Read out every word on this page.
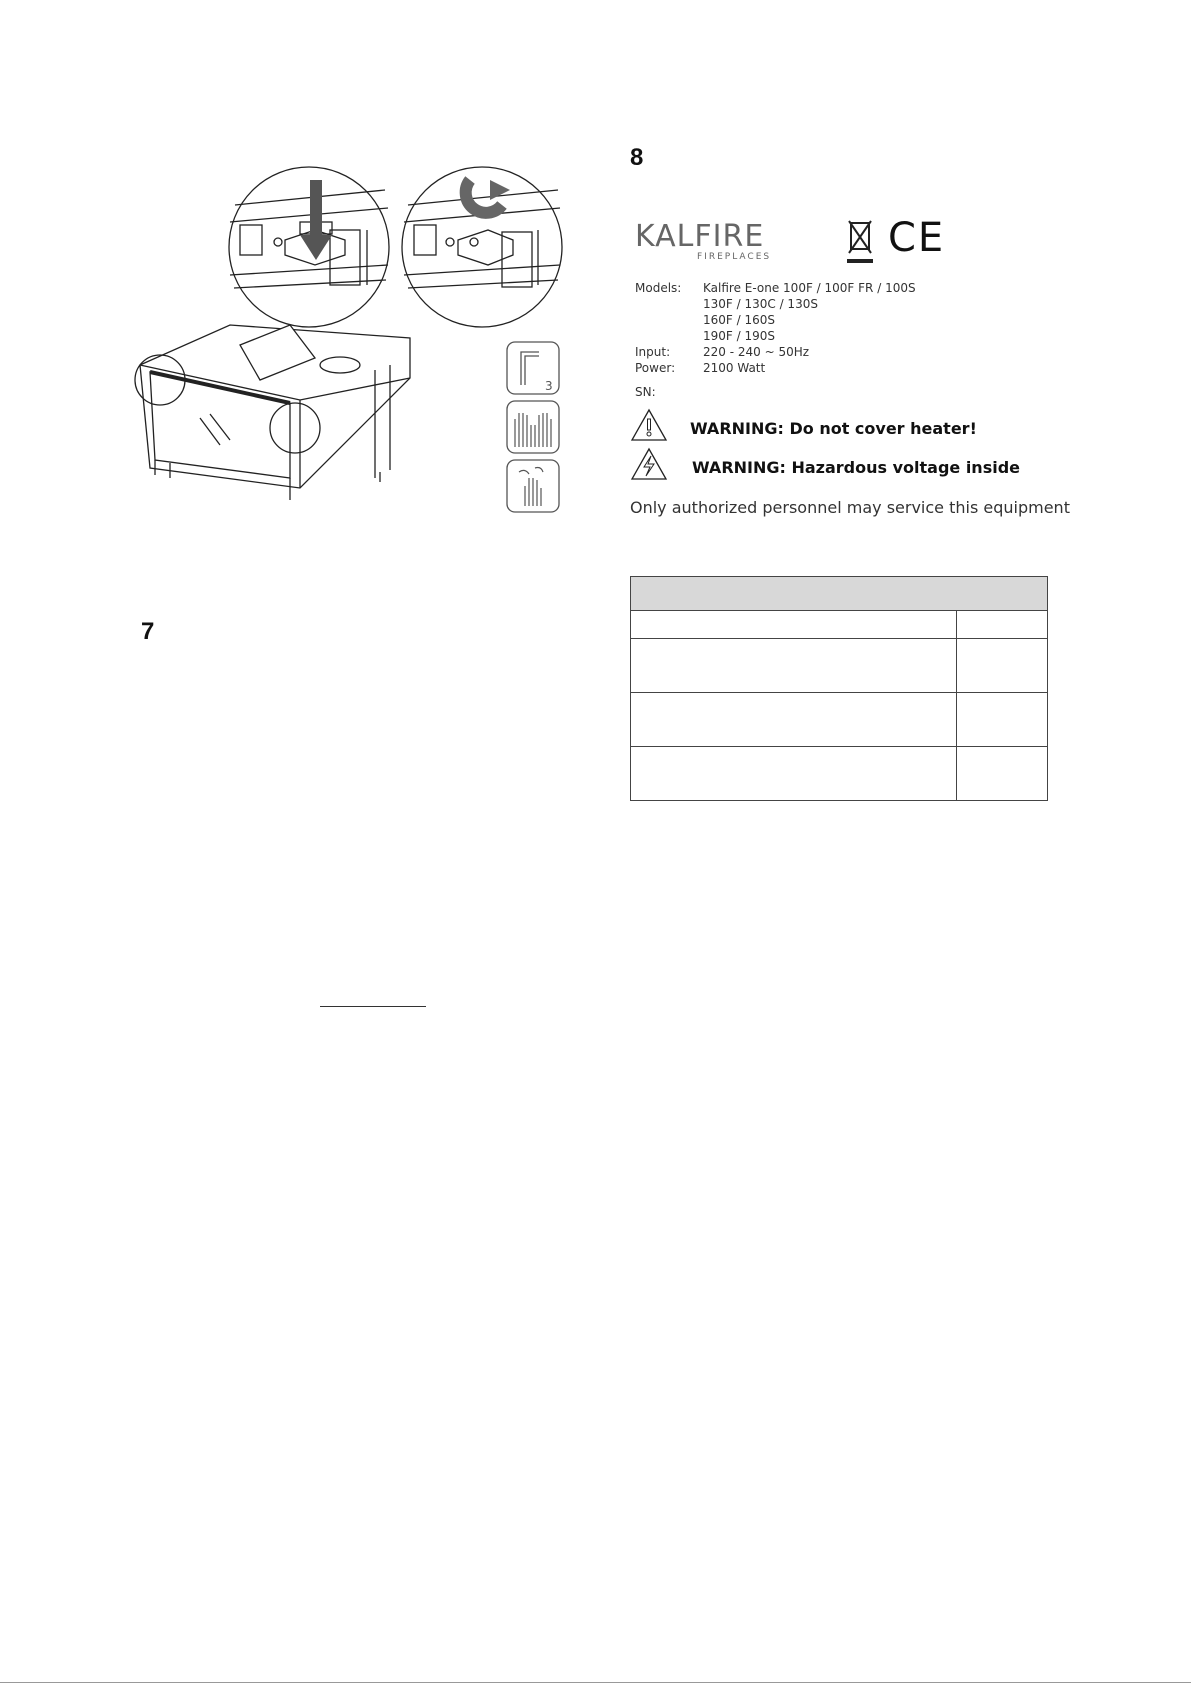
3
7
8
KALFIRE
FIREPLACES	CE
Models:	Kalfire E-one 100F / 100F FR / 100S
130F / 130C / 130S
160F / 160S
190F / 190S
Input:	220 - 240 ~ 50Hz
Power:	2100 Watt
SN:
WARNING: Do not cover heater!
WARNING: Hazardous voltage inside
Only authorized personnel may service this equipment
